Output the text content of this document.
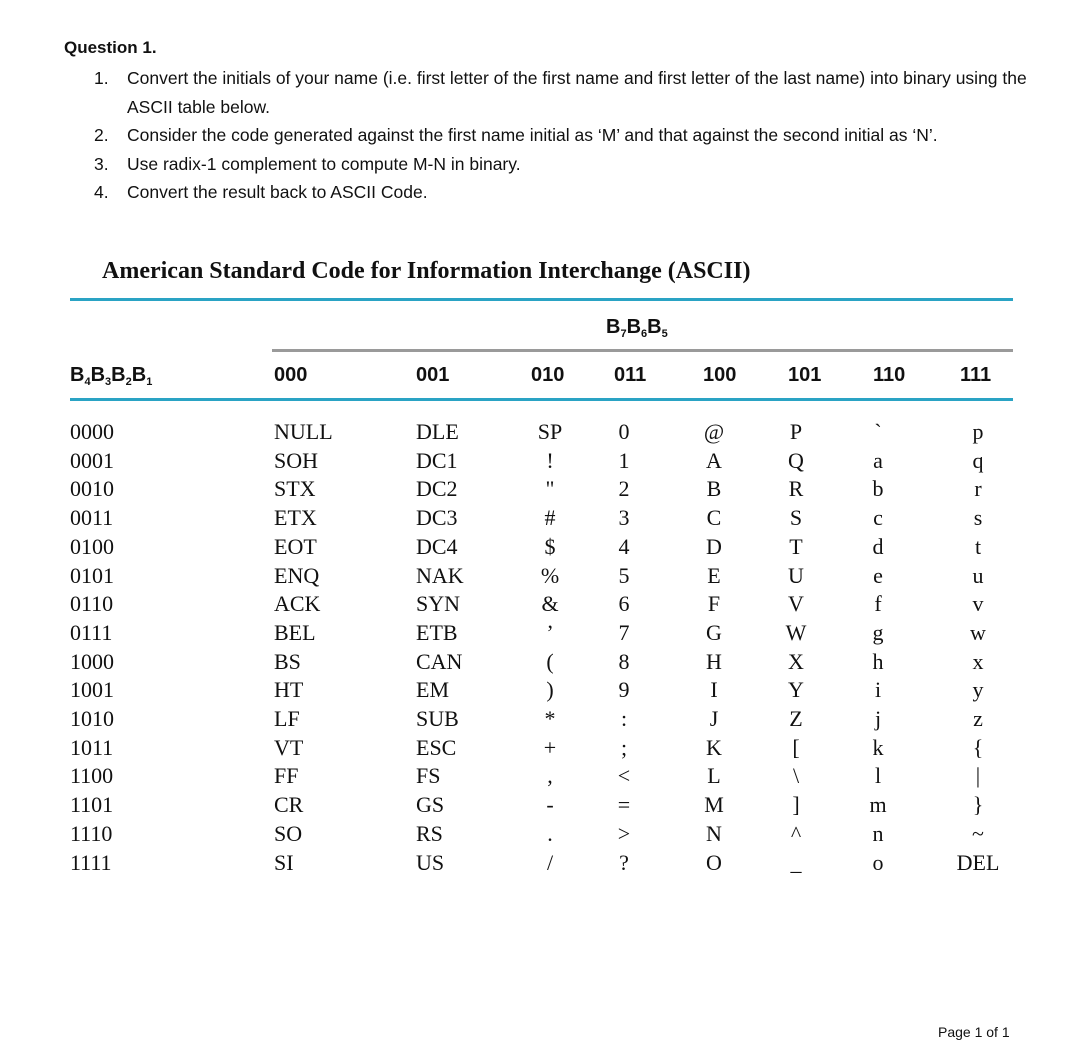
Question 1.

1. Convert the initials of your name (i.e. first letter of the first name and first letter of the last name) into binary using the ASCII table below.
2. Consider the code generated against the first name initial as ‘M’ and that against the second initial as ‘N’.
3. Use radix-1 complement to compute M-N in binary.
4. Convert the result back to ASCII Code.
American Standard Code for Information Interchange (ASCII)
$B_7B_6B_5$
$B_4B_3B_2B_1$	000	001	010 011	100	101	110	111
0000	NULL	DLE	SP	0	@	P	`	p
0001	SOH	DC1	!	1	A	Q	a	q
0010	STX	DC2	"	2	B	R	b	r
0011	ETX	DC3	#	3	C	S	c	s
0100	EOT	DC4	$	4	D	T	d	t
0101	ENQ	NAK	%	5	E	U	e	u
0110	ACK	SYN	&	6	F	V	f	v
0111	BEL	ETB	’	7	G	W	g	w
1000	BS	CAN	(	8	H	X	h	x
1001	HT	EM	)	9	I	Y	i	y
1010	LF	SUB	*	:	J	Z	j	z
1011	VT	ESC	+	;	K	[	k	{
1100	FF	FS	,	<	L	\	l	|
1101	CR	GS	-	=	M	]	m	}
1110	SO	RS	.	>	N	^	n	~
1111	SI	US	/	?	O	_	o	DEL
Page 1 of 1
